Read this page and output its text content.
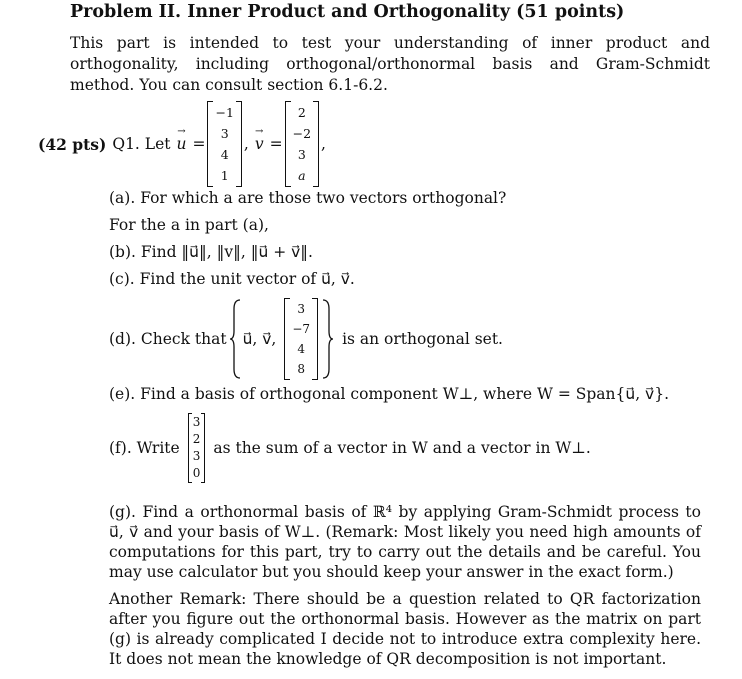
Problem II. Inner Product and Orthogonality (51 points)
This part is intended to test your understanding of inner product and orthogonality, including orthogonal/orthonormal basis and Gram-Schmidt method. You can consult section 6.1-6.2.
(42 pts) Q1. Let → u =
−1
3
4
1
, → v =
2
−2
3
a
,
(a). For which a are those two vectors orthogonal?
For the a in part (a),
(b). Find ‖u⃗‖, ‖v‖, ‖u⃗ + v⃗‖.
(c). Find the unit vector of u⃗, v⃗.
(d). Check that u⃗, v⃗,
3
−7
4
8
is an orthogonal set.
(e). Find a basis of orthogonal component W⊥, where W = Span{u⃗, v⃗}.
(f). Write
3
2
3
0
as the sum of a vector in W and a vector in W⊥.
(g). Find a orthonormal basis of ℝ⁴ by applying Gram-Schmidt process to u⃗, v⃗ and your basis of W⊥. (Remark: Most likely you need high amounts of computations for this part, try to carry out the details and be careful. You may use calculator but you should keep your answer in the exact form.)
Another Remark: There should be a question related to QR factorization after you figure out the orthonormal basis. However as the matrix on part (g) is already complicated I decide not to introduce extra complexity here. It does not mean the knowledge of QR decomposition is not important.
